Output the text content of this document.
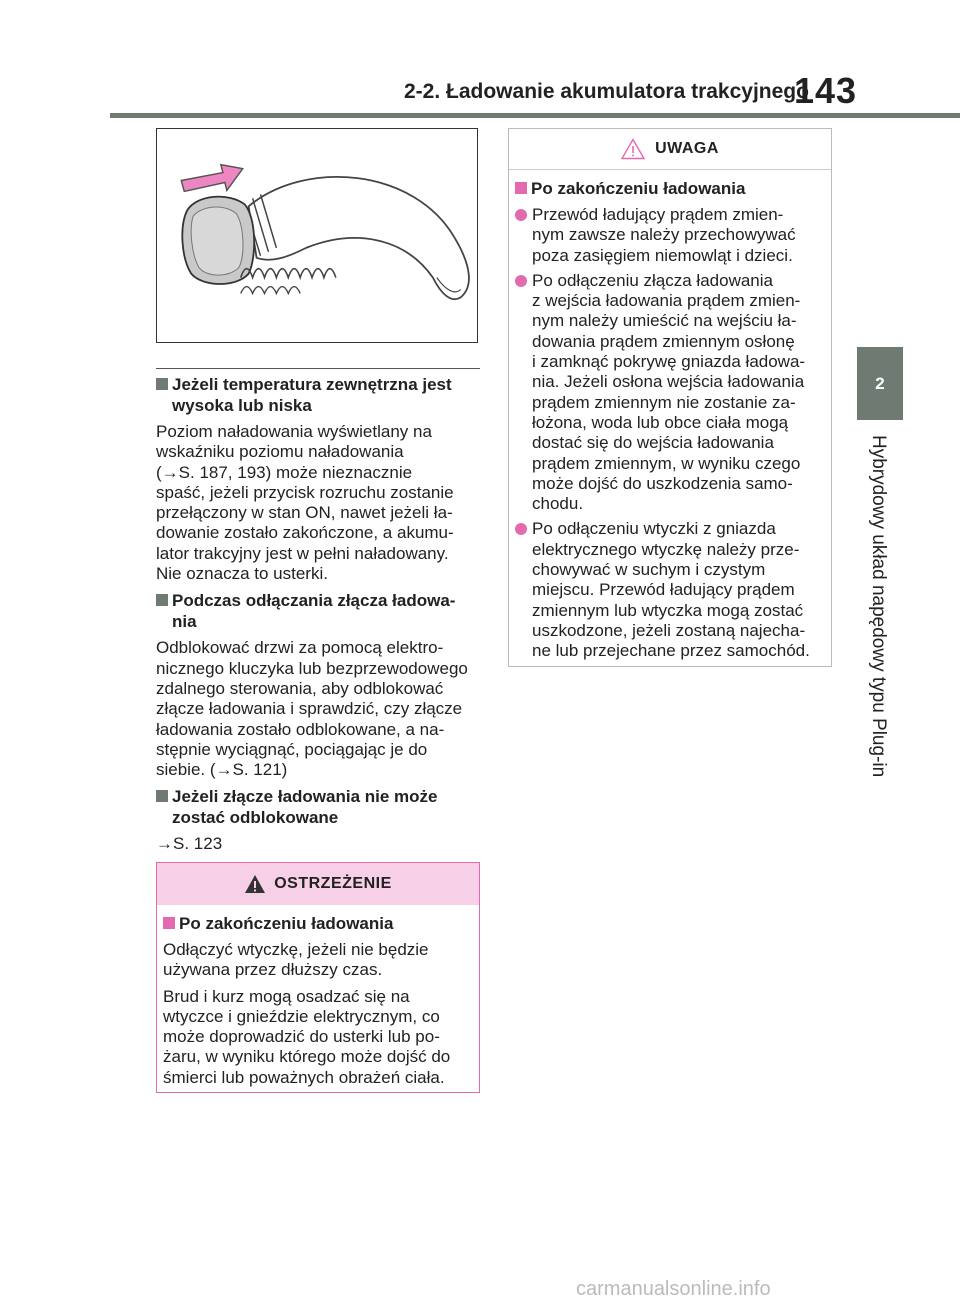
2-2. Ładowanie akumulatora trakcyjnego
143
2
Hybrydowy układ napędowy typu Plug-in

Jeżeli temperatura zewnętrzna jest
wysoka lub niska

Poziom naładowania wyświetlany na
wskaźniku poziomu naładowania
(→S. 187, 193) może nieznacznie
spaść, jeżeli przycisk rozruchu zostanie
przełączony w stan ON, nawet jeżeli ła-
dowanie zostało zakończone, a akumu-
lator trakcyjny jest w pełni naładowany.
Nie oznacza to usterki.

Podczas odłączania złącza ładowa-
nia

Odblokować drzwi za pomocą elektro-
nicznego kluczyka lub bezprzewodowego
zdalnego sterowania, aby odblokować
złącze ładowania i sprawdzić, czy złącze
ładowania zostało odblokowane, a na-
stępnie wyciągnąć, pociągając je do
siebie. (→S. 121)

Jeżeli złącze ładowania nie może
zostać odblokowane

→S. 123

OSTRZEŻENIE

Po zakończeniu ładowania

Odłączyć wtyczkę, jeżeli nie będzie
używana przez dłuższy czas.

Brud i kurz mogą osadzać się na
wtyczce i gnieździe elektrycznym, co
może doprowadzić do usterki lub po-
żaru, w wyniku którego może dojść do
śmierci lub poważnych obrażeń ciała.

UWAGA

Po zakończeniu ładowania

Przewód ładujący prądem zmien-
nym zawsze należy przechowywać
poza zasięgiem niemowląt i dzieci.

Po odłączeniu złącza ładowania
z wejścia ładowania prądem zmien-
nym należy umieścić na wejściu ła-
dowania prądem zmiennym osłonę
i zamknąć pokrywę gniazda ładowa-
nia. Jeżeli osłona wejścia ładowania
prądem zmiennym nie zostanie za-
łożona, woda lub obce ciała mogą
dostać się do wejścia ładowania
prądem zmiennym, w wyniku czego
może dojść do uszkodzenia samo-
chodu.

Po odłączeniu wtyczki z gniazda
elektrycznego wtyczkę należy prze-
chowywać w suchym i czystym
miejscu. Przewód ładujący prądem
zmiennym lub wtyczka mogą zostać
uszkodzone, jeżeli zostaną najecha-
ne lub przejechane przez samochód.

carmanualsonline.info
